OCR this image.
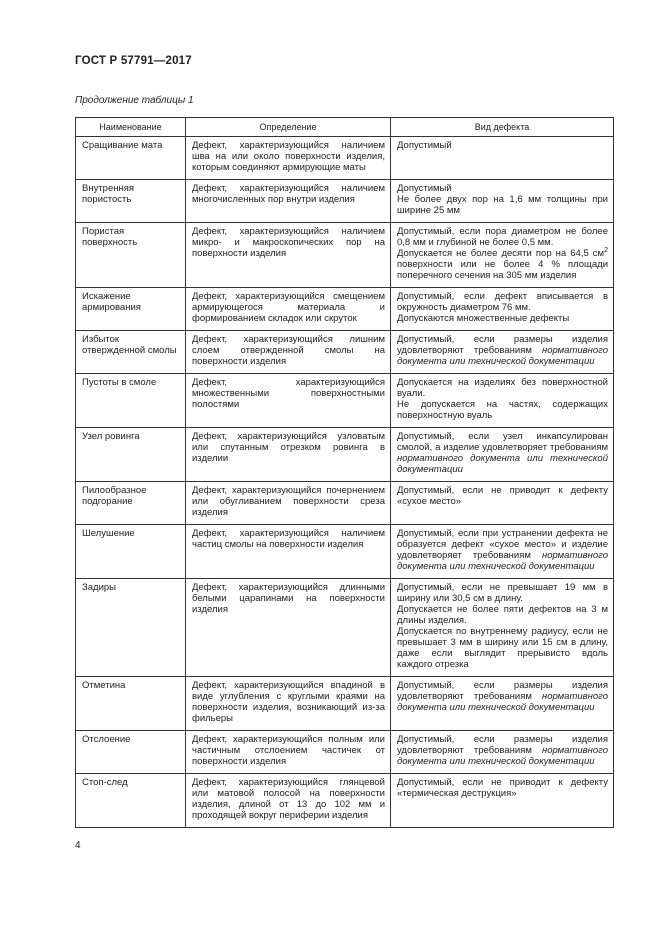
ГОСТ Р 57791—2017
Продолжение таблицы 1
Наименование	Определение	Вид дефекта
Сращивание мата	Дефект, характеризующийся наличием шва на или около поверхности изделия, которым соединяют армирующие маты	Допустимый

Внутренняя пористость	Дефект, характеризующийся наличием многочисленных пор внутри изделия	Допустимый
Не более двух пор на 1,6 мм толщины при ширине 25 мм

Пористая поверхность	Дефект, характеризующийся наличием микро- и макроскопических пор на поверхности изделия	Допустимый, если пора диаметром не более 0,8 мм и глубиной не более 0,5 мм.
Допускается не более десяти пор на 64,5 $см^2$ поверхности или не более 4 % площади поперечного сечения на 305 мм изделия

Искажение армирования	Дефект, характеризующийся смещением армирующегося материала и формированием складок или скруток	Допустимый, если дефект вписывается в окружность диаметром 76 мм.
Допускаются множественные дефекты

Избыток отвержденной смолы	Дефект, характеризующийся лишним слоем отвержденной смолы на поверхности изделия	Допустимый, если размеры изделия удовлетворяют требованиям нормативного документа или технической документации

Пустоты в смоле	Дефект, характеризующийся множественными поверхностными полостями	Допускается на изделиях без поверхностной вуали.
Не допускается на частях, содержащих поверхностную вуаль

Узел ровинга	Дефект, характеризующийся узловатым или спутанным отрезком ровинга в изделии	Допустимый, если узел инкапсулирован смолой, а изделие удовлетворяет требованиям нормативного документа или технической документации

Пилообразное подгорание	Дефект, характеризующийся почернением или обугливанием поверхности среза изделия	Допустимый, если не приводит к дефекту «сухое место»

Шелушение	Дефект, характеризующийся наличием частиц смолы на поверхности изделия	Допустимый, если при устранении дефекта не образуется дефект «сухое место» и изделие удовлетворяет требованиям нормативного документа или технической документации

Задиры	Дефект, характеризующийся длинными белыми царапинами на поверхности изделия	Допустимый, если не превышает 19 мм в ширину или 30,5 см в длину.
Допускается не более пяти дефектов на 3 м длины изделия.
Допускается по внутреннему радиусу, если не превышает 3 мм в ширину или 15 см в длину, даже если выглядит прерывисто вдоль каждого отрезка

Отметина	Дефект, характеризующийся впадиной в виде углубления с круглыми краями на поверхности изделия, возникающий из-за фильеры	Допустимый, если размеры изделия удовлетворяют требованиям нормативного документа или технической документации

Отслоение	Дефект, характеризующийся полным или частичным отслоением частичек от поверхности изделия	Допустимый, если размеры изделия удовлетворяют требованиям нормативного документа или технической документации

Стоп-след	Дефект, характеризующийся глянцевой или матовой полосой на поверхности изделия, длиной от 13 до 102 мм и проходящей вокруг периферии изделия	Допустимый, если не приводит к дефекту «термическая деструкция»
4
